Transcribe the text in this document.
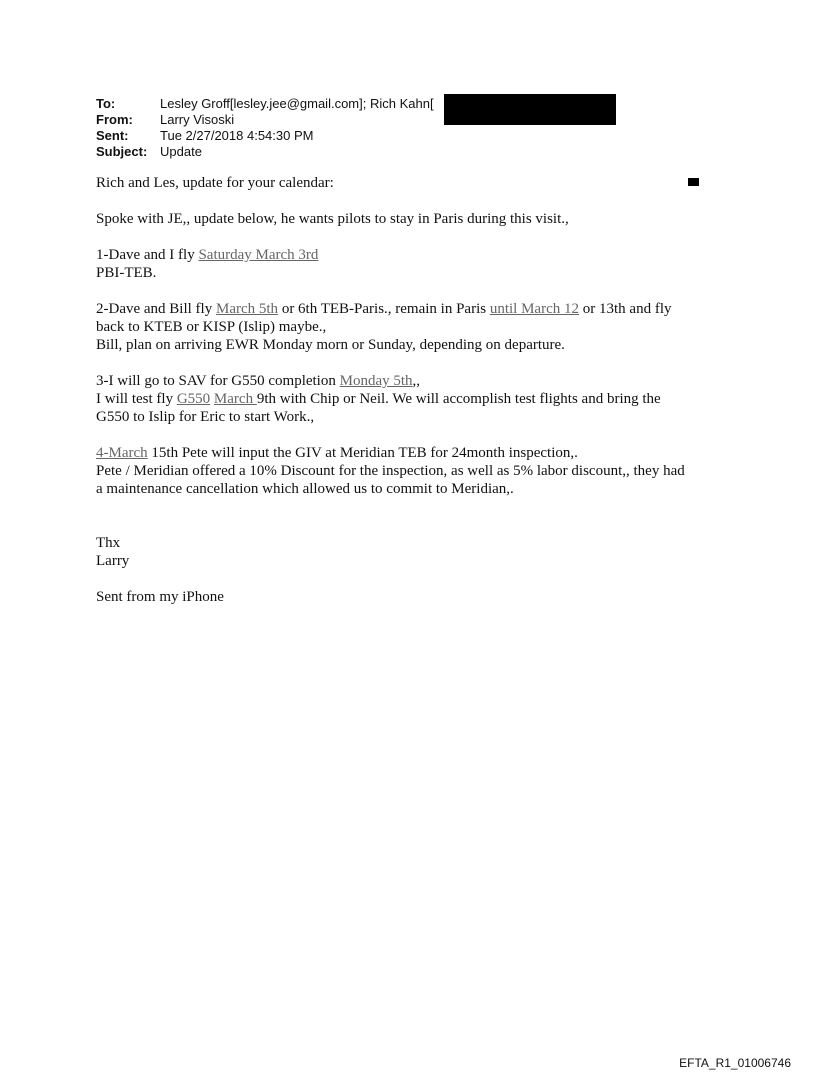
To:	Lesley Groff[lesley.jee@gmail.com]; Rich Kahn[
From:	Larry Visoski
Sent:	Tue 2/27/2018 4:54:30 PM
Subject: Update
Rich and Les, update for your calendar:
Spoke with JE,, update below, he wants pilots to stay in Paris during this visit.,
1-Dave and I fly Saturday March 3rd
PBI-TEB.
2-Dave and Bill fly March 5th or 6th TEB-Paris., remain in Paris until March 12 or 13th and fly
back to KTEB or KISP (Islip) maybe.,
Bill, plan on arriving EWR Monday morn or Sunday, depending on departure.
3-I will go to SAV for G550 completion Monday 5th,,
I will test fly G550 March 9th with Chip or Neil. We will accomplish test flights and bring the
G550 to Islip for Eric to start Work.,
4-March 15th Pete will input the GIV at Meridian TEB for 24month inspection,.
Pete / Meridian offered a 10% Discount for the inspection, as well as 5% labor discount,, they had
a maintenance cancellation which allowed us to commit to Meridian,.
Thx
Larry
Sent from my iPhone
EFTA_R1_01006746
